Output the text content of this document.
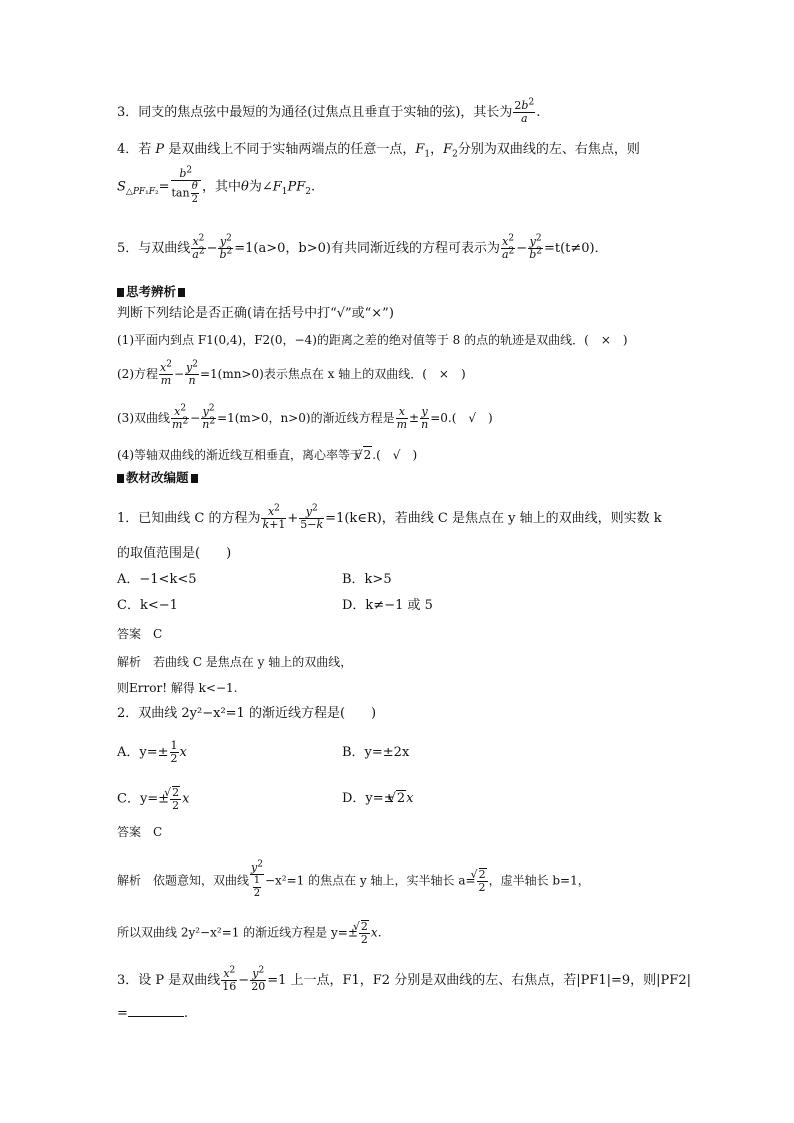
3．同支的焦点弦中最短的为通径(过焦点且垂直于实轴的弦)，其长为 $\frac{2b^2}{a}$ .
4．若 P 是双曲线上不同于实轴两端点的任意一点，$F_1$，$F_2$分别为双曲线的左、右焦点，则
$S_{\triangle PF_1F_2}= \frac{b^2}{\tan \frac{\theta}{2}}$ ，其中θ为$\angle F_1PF_2$.
5．与双曲线 $\frac{x^2}{a^2} - \frac{y^2}{b^2} =1(a>0$，b>0)有共同渐近线的方程可表示为 $\frac{x^2}{a^2} - \frac{y^2}{b^2} =t(t\ne 0)$．
思考辨析
判断下列结论是否正确(请在括号中打“√”或“×”)
(1)平面内到点 F1(0,4)，F2(0，−4)的距离之差的绝对值等于 8 的点的轨迹是双曲线．(　×　)
(2)方程 $\frac{x^2}{m} - \frac{y^2}{n} =1(mn>0)$表示焦点在 x 轴上的双曲线．(　×　)
(3)双曲线 $\frac{x^2}{m^2} - \frac{y^2}{n^2} =1(m>0$，n>0)的渐近线方程是 $\frac{x}{m} \pm \frac{y}{n} =0$.(　√　)
(4)等轴双曲线的渐近线互相垂直，离心率等于 √ 2.(　√　)
教材改编题
1．已知曲线 C 的方程为 $\frac{x^2}{k+1} + \frac{y^2}{5-k}$ =1(k∈R)，若曲线 C 是焦点在 y 轴上的双曲线，则实数 k
的取值范围是(　　)
A．−1<k<5	B．k>5
C．k<−1	D．k≠−1 或 5
答案　C
解析　若曲线 C 是焦点在 y 轴上的双曲线，
则Error! 解得 k<−1.
2．双曲线 2y²−x²=1 的渐近线方程是(　　)
A．$y=\pm \frac{1}{2}$ x	B．y=±2x
C．y=± √ $\frac{2}{2}$ x	D．y=± √ 2x
答案　C
解析　依题意知，双曲线 $\frac{y^2}{\frac{1}{2}} -x^2=1$ 的焦点在 y 轴上，实半轴长 a= √ $\frac{2}{2}$ ，虚半轴长 b=1，
所以双曲线 2y²−x²=1 的渐近线方程是 y=± √ $\frac{2}{2} x$.
3．设 P 是双曲线 $\frac{x^2}{16} - \frac{y^2}{20} =1$ 上一点，F1，F2 分别是双曲线的左、右焦点，若|PF1|=9，则|PF2|
=	.
